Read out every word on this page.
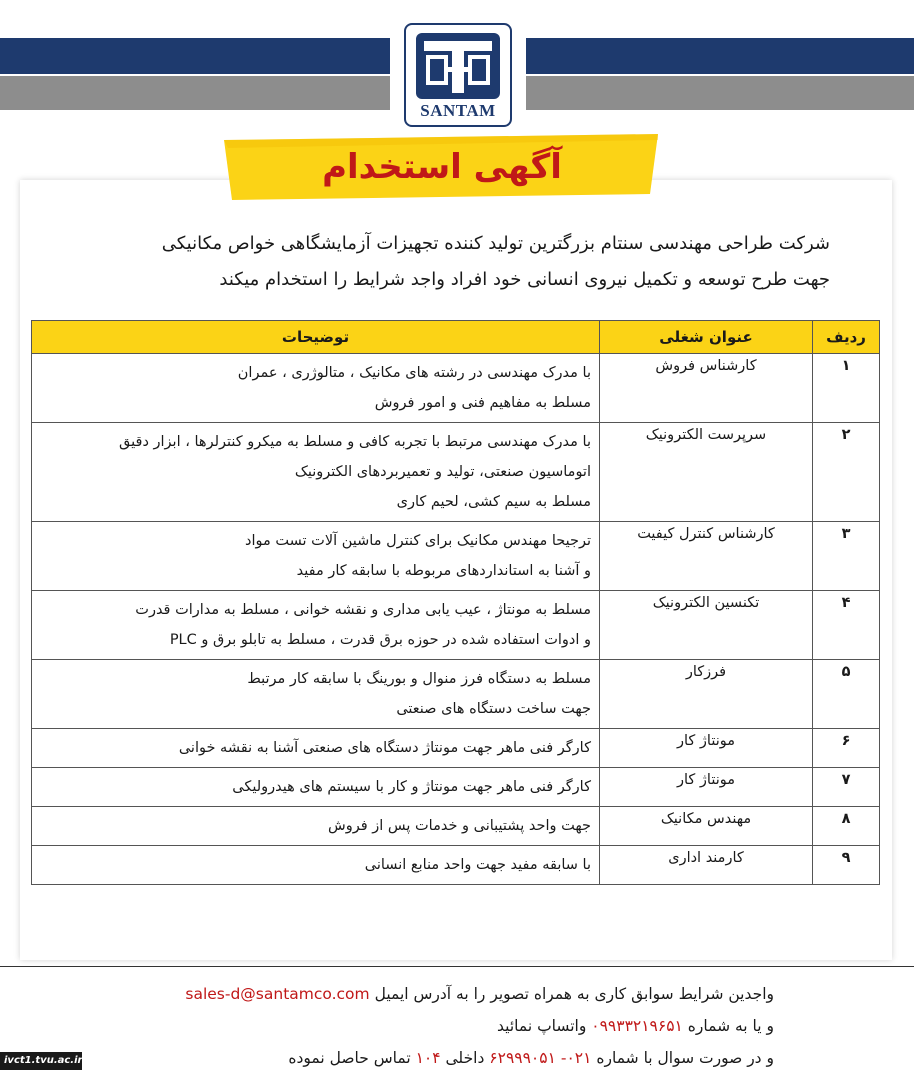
SANTAM
آگهی استخدام
شرکت طراحی مهندسی سنتام بزرگترین تولید کننده تجهیزات آزمایشگاهی خواص مکانیکی
جهت طرح توسعه و تکمیل نیروی انسانی خود افراد واجد شرایط را استخدام میکند
ردیف	عنوان شغلی	توضیحات
۱	کارشناس فروش	با مدرک مهندسی در رشته های مکانیک ، متالوژری ، عمران
مسلط به مفاهیم فنی و امور فروش

۲	سرپرست الکترونیک	با مدرک مهندسی مرتبط با تجربه کافی و مسلط به میکرو کنترلرها ، ابزار دقیق
اتوماسیون صنعتی، تولید و تعمیربردهای الکترونیک
مسلط به سیم کشی، لحیم کاری

۳	کارشناس کنترل کیفیت	ترجیحا مهندس مکانیک برای کنترل ماشین آلات تست مواد
و آشنا به استانداردهای مربوطه با سابقه کار مفید

۴	تکنسین الکترونیک	مسلط به مونتاژ ، عیب یابی مداری و نقشه خوانی ، مسلط به مدارات قدرت
و ادوات استفاده شده در حوزه برق قدرت ، مسلط به تابلو برق و PLC

۵	فرزکار	مسلط به دستگاه فرز منوال و بورینگ با سابقه کار مرتبط
جهت ساخت دستگاه های صنعتی

۶	مونتاژ کار	کارگر فنی ماهر جهت مونتاژ دستگاه های صنعتی آشنا به نقشه خوانی

۷	مونتاژ کار	کارگر فنی ماهر جهت مونتاژ و کار با سیستم های هیدرولیکی

۸	مهندس مکانیک	جهت واحد پشتیبانی و خدمات پس از فروش

۹	کارمند اداری	با سابقه مفید جهت واحد منابع انسانی
واجدین شرایط سوابق کاری به همراه تصویر را به آدرس ایمیل sales-d@santamco.com
و یا به شماره ۰۹۹۳۳۲۱۹۶۵۱ واتساپ نمائید
و در صورت سوال با شماره ۰۲۱- ۶۲۹۹۹۰۵۱ داخلی ۱۰۴ تماس حاصل نموده
ivct1.tvu.ac.ir
